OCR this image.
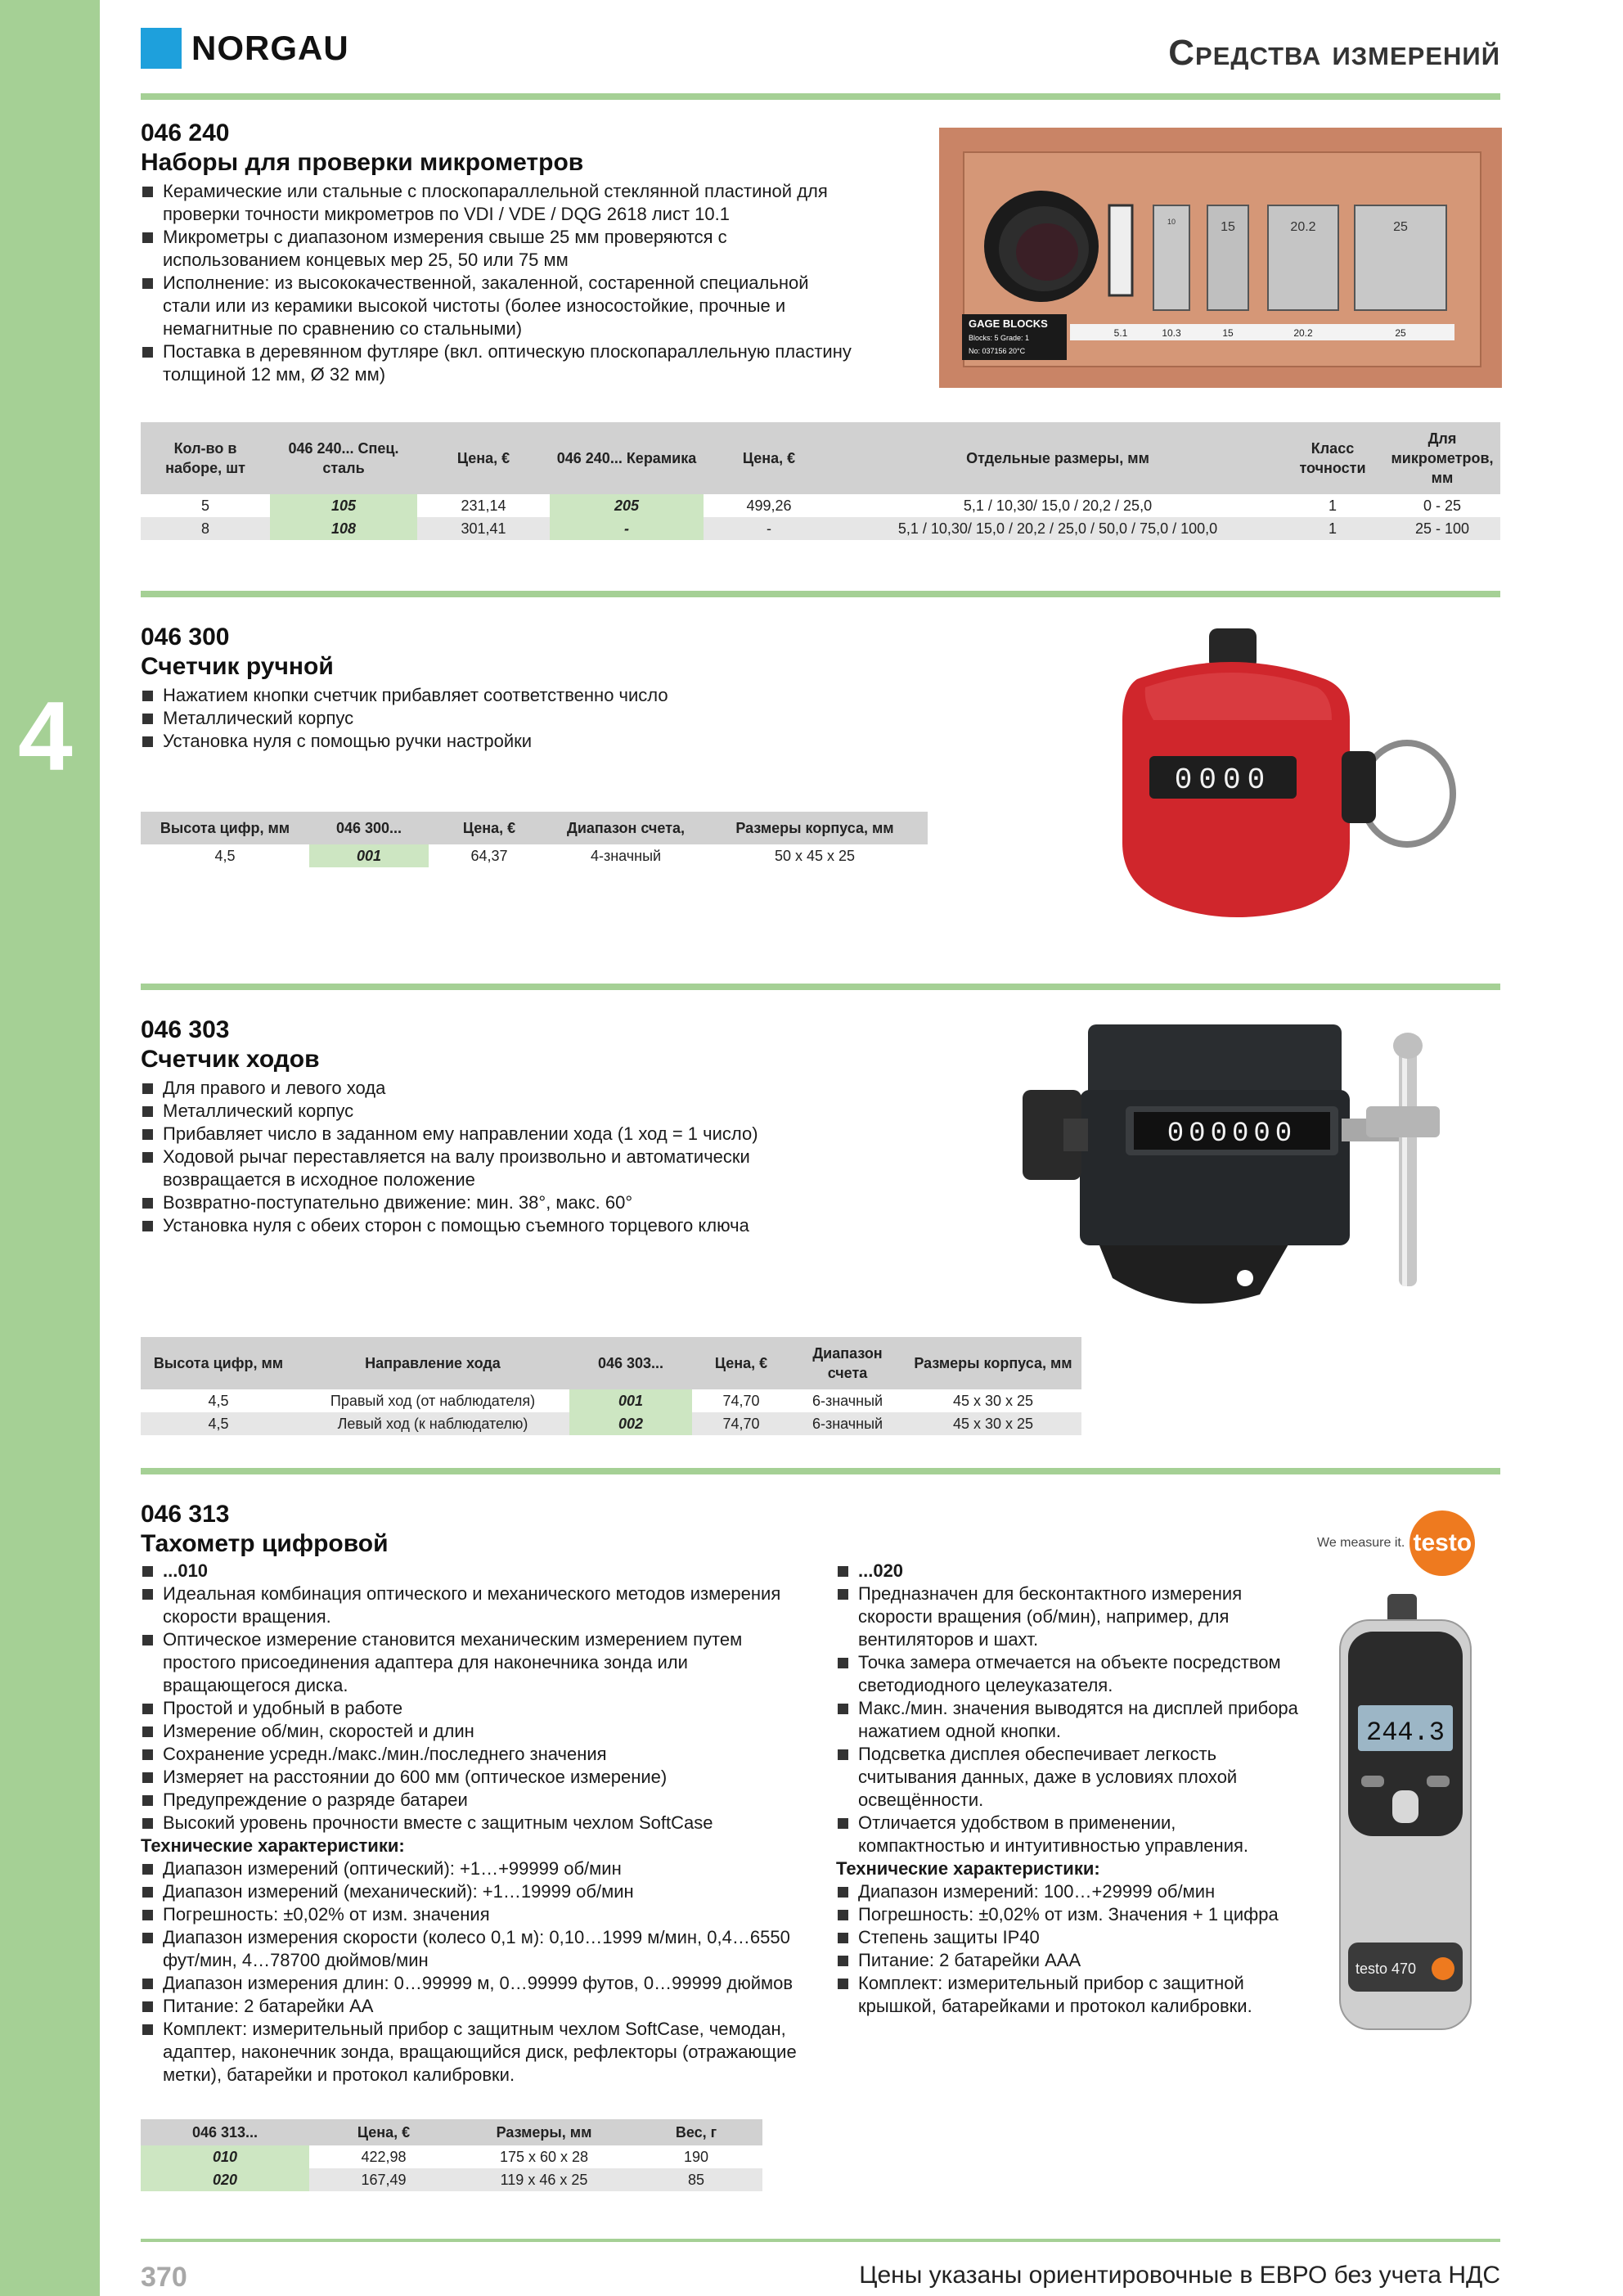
4
NORGAU	Средства измерений
046 240
Наборы для проверки микрометров
Керамические или стальные с плоскопараллельной стеклянной пластиной для проверки точности микрометров по VDI / VDE / DQG 2618 лист 10.1
Микрометры с диапазоном измерения свыше 25 мм проверяются с использованием концевых мер 25, 50 или 75 мм
Исполнение: из высококачественной, закаленной, состаренной специальной стали или из керамики высокой чистоты (более износостойкие, прочные и немагнитные по сравнению со стальными)
Поставка в деревянном футляре (вкл. оптическую плоскопараллельную пластину толщиной 12 мм, Ø 32 мм)
10	15	20.2	25
GAGE BLOCKS
Blocks: 5 Grade: 1
No: 037156 20°C
5.1	10.3	15	20.2	25
Кол-во в наборе, шт	046 240... Спец. сталь	Цена, €	046 240... Керамика	Цена, €	Отдельные размеры, мм	Класс точности	Для микрометров, мм
5	105	231,14	205	499,26	5,1 / 10,30/ 15,0 / 20,2 / 25,0	1	0 - 25
8	108	301,41	-	-	5,1 / 10,30/ 15,0 / 20,2 / 25,0 / 50,0 / 75,0 / 100,0	1	25 - 100
046 300
Счетчик ручной
Нажатием кнопки счетчик прибавляет соответственно число
Металлический корпус
Установка нуля с помощью ручки настройки
0000
Высота цифр, мм	046 300...	Цена, €	Диапазон счета,	Размеры корпуса, мм
4,5	001	64,37	4-значный	50 x 45 x 25
046 303
Счетчик ходов
Для правого и левого хода
Металлический корпус
Прибавляет число в заданном ему направлении хода (1 ход = 1 число)
Ходовой рычаг переставляется на валу произвольно и автоматически возвращается в исходное положение
Возвратно-поступательно движение: мин. 38°, макс. 60°
Установка нуля с обеих сторон с помощью съемного торцевого ключа
000000
Высота цифр, мм	Направление хода	046 303...	Цена, €	Диапазон счета	Размеры корпуса, мм
4,5	Правый ход (от наблюдателя)	001	74,70	6-значный	45 x 30 x 25
4,5	Левый ход (к наблюдателю)	002	74,70	6-значный	45 x 30 x 25
046 313
Тахометр цифровой	We measure it. testo
...010
Идеальная комбинация оптического и механического методов измерения скорости вращения.
Оптическое измерение становится механическим измерением путем простого присоединения адаптера для наконечника зонда или вращающегося диска.
Простой и удобный в работе
Измерение об/мин, скоростей и длин
Сохранение усредн./макс./мин./последнего значения
Измеряет на расстоянии до 600 мм (оптическое измерение)
Предупреждение о разряде батареи
Высокий уровень прочности вместе с защитным чехлом SoftCase
Технические характеристики:
Диапазон измерений (оптический): +1…+99999 об/мин
Диапазон измерений (механический): +1…19999 об/мин
Погрешность: ±0,02% от изм. значения
Диапазон измерения скорости (колесо 0,1 м): 0,10…1999 м/мин, 0,4…6550 фут/мин, 4…78700 дюймов/мин
Диапазон измерения длин: 0…99999 м, 0…99999 футов, 0…99999 дюймов
Питание: 2 батарейки АА
Комплект: измерительный прибор с защитным чехлом SoftCase, чемодан, адаптер, наконечник зонда, вращающийся диск, рефлекторы (отражающие метки), батарейки и протокол калибровки.
...020
Предназначен для бесконтактного измерения скорости вращения (об/мин), например, для вентиляторов и шахт.
Точка замера отмечается на объекте посредством светодиодного целеуказателя.
Макс./мин. значения выводятся на дисплей прибора нажатием одной кнопки.
Подсветка дисплея обеспечивает легкость считывания данных, даже в условиях плохой освещённости.
Отличается удобством в применении, компактностью и интуитивностью управления.
Технические характеристики:
Диапазон измерений: 100…+29999 об/мин
Погрешность: ±0,02% от изм. Значения + 1 цифра
Степень защиты IP40
Питание: 2 батарейки ААА
Комплект: измерительный прибор с защитной крышкой, батарейками и протокол калибровки.
244.3
testo 470
046 313...	Цена, €	Размеры, мм	Вес, г
010	422,98	175 x 60 x 28	190
020	167,49	119 x 46 x 25	85
370	Цены указаны ориентировочные в ЕВРО без учета НДС
